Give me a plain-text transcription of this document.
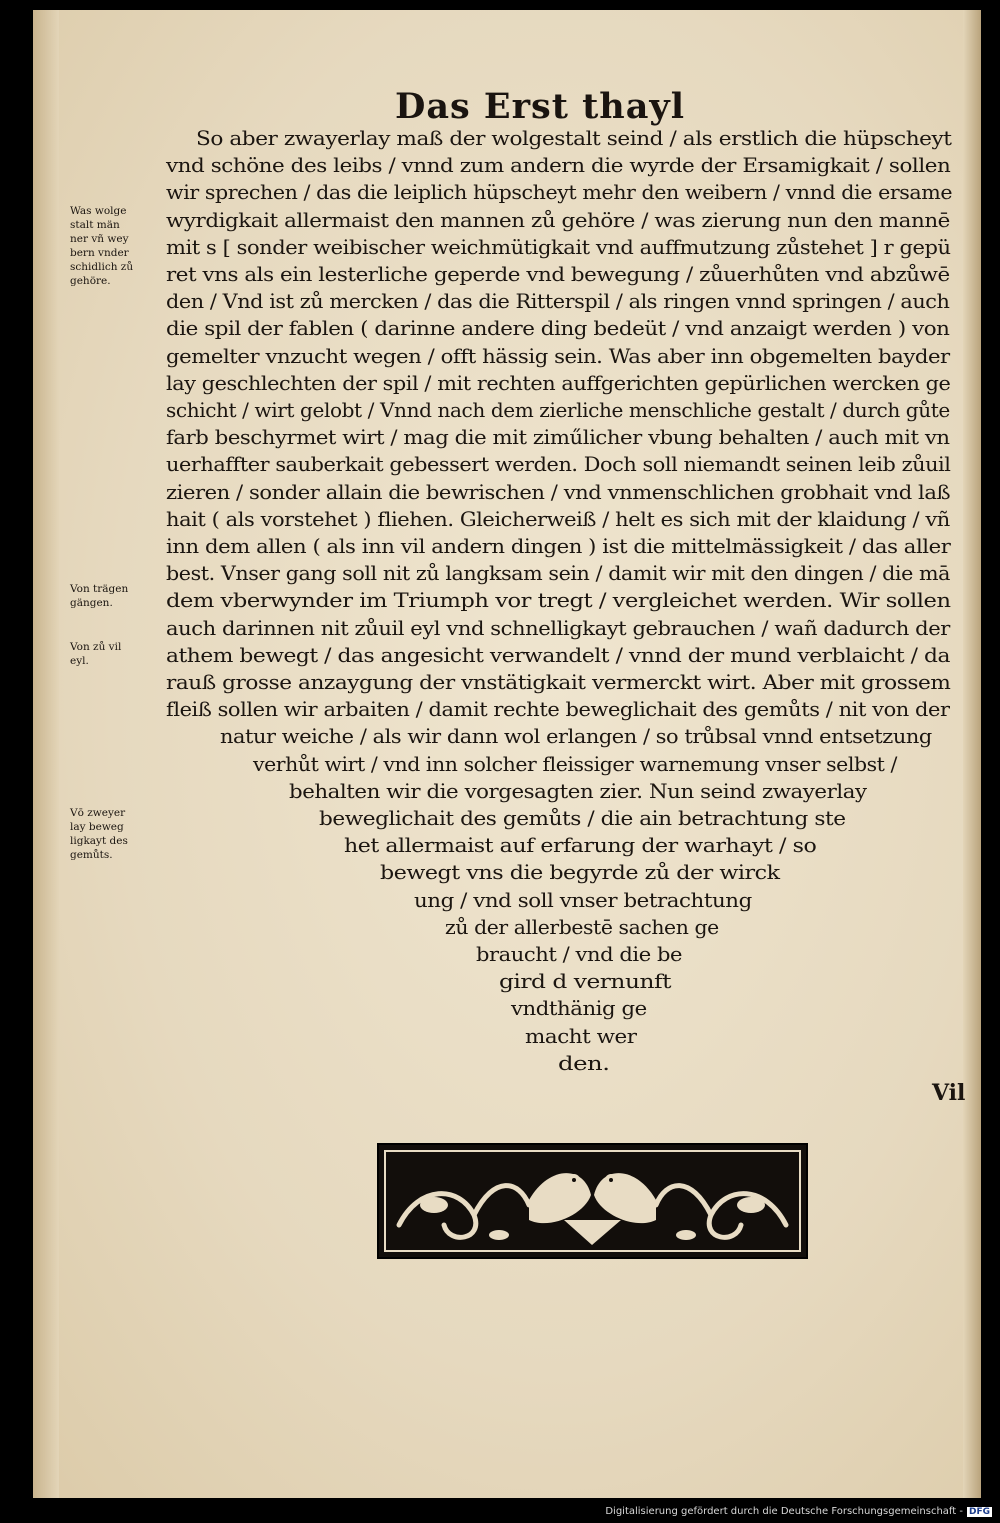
Das Erst thayl
So aber zwayerlay maß der wolgestalt seind / als erstlich die hüpscheyt
vnd schöne des leibs / vnnd zum andern die wyrde der Ersamigkait / sollen
wir sprechen / das die leiplich hüpscheyt mehr den weibern / vnnd die ersame
wyrdigkait allermaist den mannen zů gehöre / was zierung nun den mannē
mit s [ sonder weibischer weichmütigkait vnd auffmutzung zůstehet ] r gepü
ret vns als ein lesterliche geperde vnd bewegung / zůuerhůten vnd abzůwē
den / Vnd ist zů mercken / das die Ritterspil / als ringen vnnd springen / auch
die spil der fablen ( darinne andere ding bedeüt / vnd anzaigt werden ) von
gemelter vnzucht wegen / offt hässig sein. Was aber inn obgemelten bayder
lay geschlechten der spil / mit rechten auffgerichten gepürlichen wercken ge
schicht / wirt gelobt / Vnnd nach dem zierliche menschliche gestalt / durch gůte
farb beschyrmet wirt / mag die mit ziműlicher vbung behalten / auch mit vn
uerhaffter sauberkait gebessert werden. Doch soll niemandt seinen leib zůuil
zieren / sonder allain die bewrischen / vnd vnmenschlichen grobhait vnd laß
hait ( als vorstehet ) fliehen. Gleicherweiß / helt es sich mit der klaidung / vñ
inn dem allen ( als inn vil andern dingen ) ist die mittelmässigkeit / das aller
best. Vnser gang soll nit zů langksam sein / damit wir mit den dingen / die mā
dem vberwynder im Triumph vor tregt / vergleichet werden. Wir sollen
auch darinnen nit zůuil eyl vnd schnelligkayt gebrauchen / wañ dadurch der
athem bewegt / das angesicht verwandelt / vnnd der mund verblaicht / da
rauß grosse anzaygung der vnstätigkait vermerckt wirt. Aber mit grossem
fleiß sollen wir arbaiten / damit rechte beweglichait des gemůts / nit von der
natur weiche / als wir dann wol erlangen / so trůbsal vnnd entsetzung
verhůt wirt / vnd inn solcher fleissiger warnemung vnser selbst /
behalten wir die vorgesagten zier. Nun seind zwayerlay
beweglichait des gemůts / die ain betrachtung ste
het allermaist auf erfarung der warhayt / so
bewegt vns die begyrde zů der wirck
ung / vnd soll vnser betrachtung
zů der allerbestē sachen ge
braucht / vnd die be
gird d vernunft
vndthänig ge
macht wer
den.
Was wolge
stalt män
ner vñ wey
bern vnder
schidlich zů
gehöre.
Von trägen
gängen.
Von zů vil
eyl.
Vō zweyer
lay beweg
ligkayt des
gemůts.
Vil
Digitalisierung gefördert durch die Deutsche Forschungsgemeinschaft - DFG
